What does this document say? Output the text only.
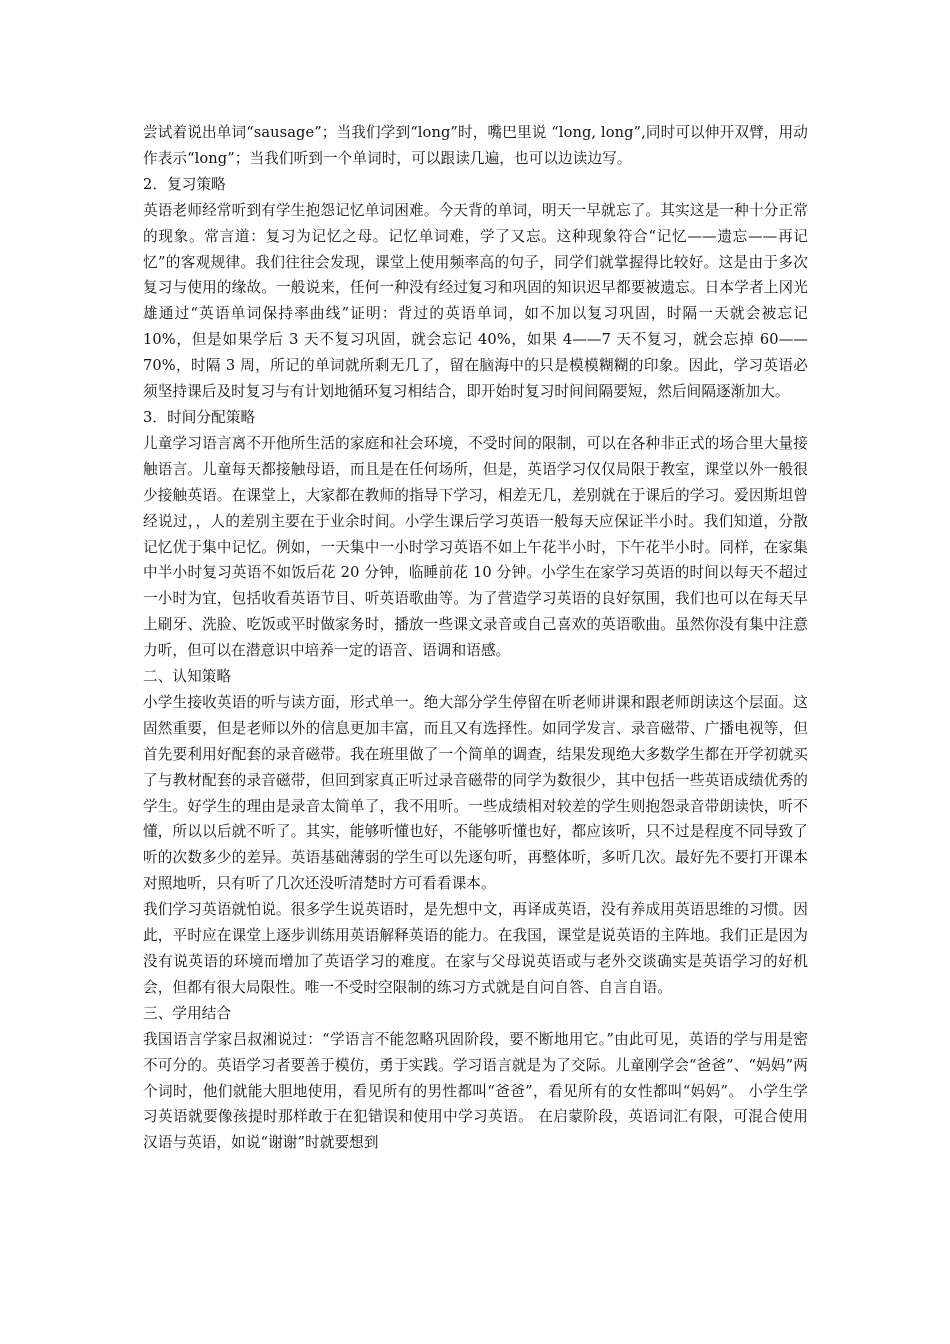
尝试着说出单词“sausage”；当我们学到“long”时，嘴巴里说 “long, long”,同时可以伸开双臂，用动作表示“long”；当我们听到一个单词时，可以跟读几遍，也可以边读边写。

2．复习策略

英语老师经常听到有学生抱怨记忆单词困难。今天背的单词，明天一早就忘了。其实这是一种十分正常的现象。常言道：复习为记忆之母。记忆单词难，学了又忘。这种现象符合“记忆——遗忘——再记忆”的客观规律。我们往往会发现，课堂上使用频率高的句子，同学们就掌握得比较好。这是由于多次复习与使用的缘故。一般说来，任何一种没有经过复习和巩固的知识迟早都要被遗忘。日本学者上冈光雄通过“英语单词保持率曲线”证明：背过的英语单词，如不加以复习巩固，时隔一天就会被忘记 10%，但是如果学后 3 天不复习巩固，就会忘记 40%，如果 4——7 天不复习，就会忘掉 60——70%，时隔 3 周，所记的单词就所剩无几了，留在脑海中的只是模模糊糊的印象。因此，学习英语必须坚持课后及时复习与有计划地循环复习相结合，即开始时复习时间间隔要短，然后间隔逐渐加大。

3．时间分配策略

儿童学习语言离不开他所生活的家庭和社会环境，不受时间的限制，可以在各种非正式的场合里大量接触语言。儿童每天都接触母语，而且是在任何场所，但是，英语学习仅仅局限于教室，课堂以外一般很少接触英语。在课堂上，大家都在教师的指导下学习，相差无几，差别就在于课后的学习。爱因斯坦曾经说过，，人的差别主要在于业余时间。小学生课后学习英语一般每天应保证半小时。我们知道，分散记忆优于集中记忆。例如，一天集中一小时学习英语不如上午花半小时，下午花半小时。同样，在家集中半小时复习英语不如饭后花 20 分钟，临睡前花 10 分钟。小学生在家学习英语的时间以每天不超过一小时为宜，包括收看英语节目、听英语歌曲等。为了营造学习英语的良好氛围，我们也可以在每天早上刷牙、洗脸、吃饭或平时做家务时，播放一些课文录音或自己喜欢的英语歌曲。虽然你没有集中注意力听，但可以在潜意识中培养一定的语音、语调和语感。

二、认知策略

小学生接收英语的听与读方面，形式单一。绝大部分学生停留在听老师讲课和跟老师朗读这个层面。这固然重要，但是老师以外的信息更加丰富，而且又有选择性。如同学发言、录音磁带、广播电视等，但首先要利用好配套的录音磁带。我在班里做了一个简单的调查，结果发现绝大多数学生都在开学初就买了与教材配套的录音磁带，但回到家真正听过录音磁带的同学为数很少，其中包括一些英语成绩优秀的学生。好学生的理由是录音太简单了，我不用听。一些成绩相对较差的学生则抱怨录音带朗读快，听不懂，所以以后就不听了。其实，能够听懂也好，不能够听懂也好，都应该听，只不过是程度不同导致了听的次数多少的差异。英语基础薄弱的学生可以先逐句听，再整体听，多听几次。最好先不要打开课本对照地听，只有听了几次还没听清楚时方可看看课本。

我们学习英语就怕说。很多学生说英语时，是先想中文，再译成英语，没有养成用英语思维的习惯。因此，平时应在课堂上逐步训练用英语解释英语的能力。在我国，课堂是说英语的主阵地。我们正是因为没有说英语的环境而增加了英语学习的难度。在家与父母说英语或与老外交谈确实是英语学习的好机会，但都有很大局限性。唯一不受时空限制的练习方式就是自问自答、自言自语。

三、学用结合

我国语言学家吕叔湘说过：“学语言不能忽略巩固阶段，要不断地用它。”由此可见，英语的学与用是密不可分的。英语学习者要善于模仿，勇于实践。学习语言就是为了交际。儿童刚学会“爸爸”、“妈妈”两个词时，他们就能大胆地使用，看见所有的男性都叫“爸爸”，看见所有的女性都叫“妈妈”。 小学生学习英语就要像孩提时那样敢于在犯错误和使用中学习英语。 在启蒙阶段，英语词汇有限，可混合使用汉语与英语，如说“谢谢”时就要想到
